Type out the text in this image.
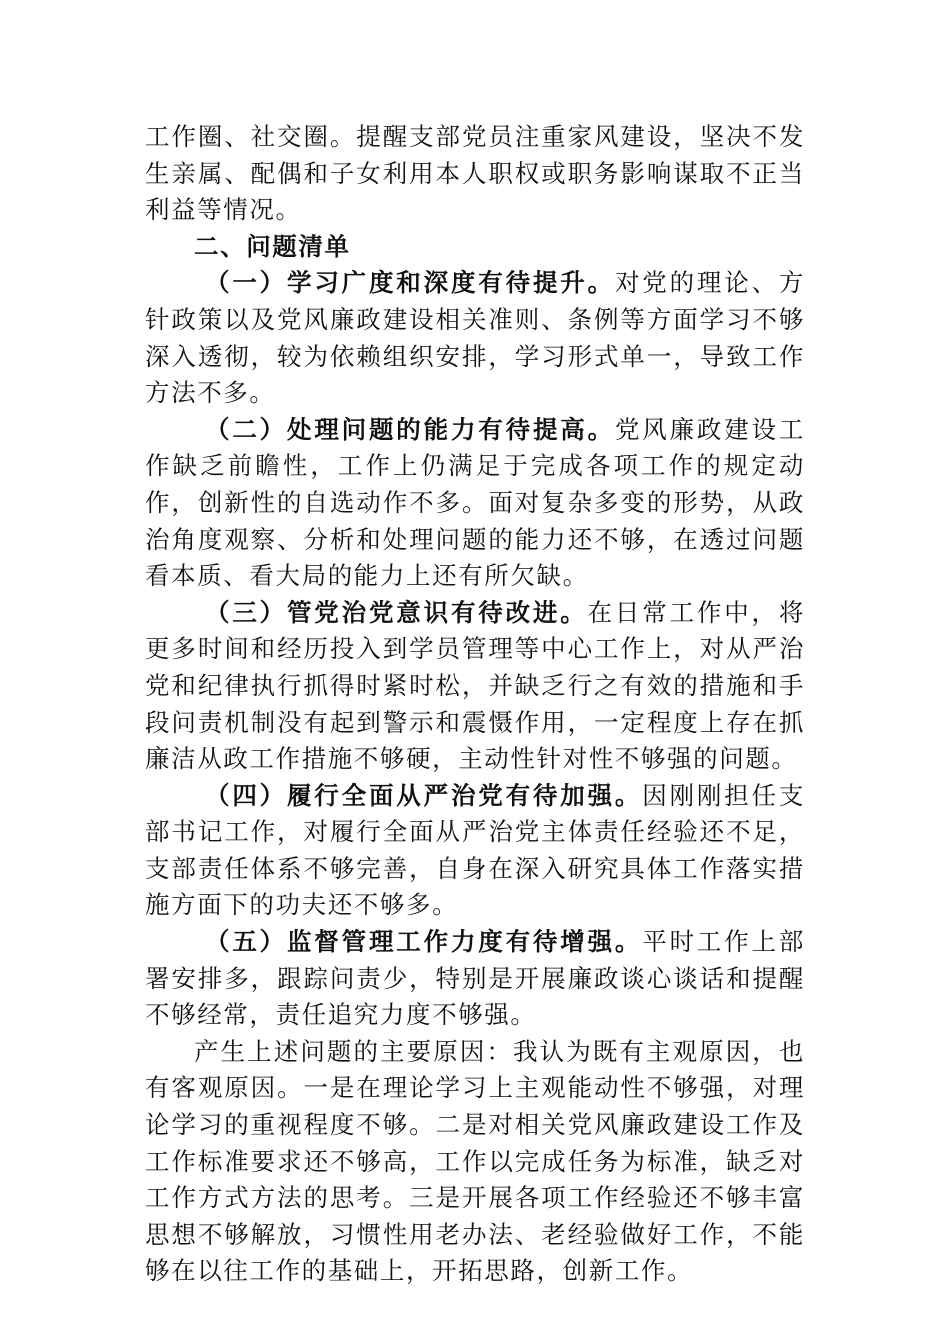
工作圈、社交圈。提醒支部党员注重家风建设，坚决不发生亲属、配偶和子女利用本人职权或职务影响谋取不正当利益等情况。

二、问题清单

（一）学习广度和深度有待提升。对党的理论、方针政策以及党风廉政建设相关准则、条例等方面学习不够深入透彻，较为依赖组织安排，学习形式单一，导致工作方法不多。

（二）处理问题的能力有待提高。党风廉政建设工作缺乏前瞻性，工作上仍满足于完成各项工作的规定动作，创新性的自选动作不多。面对复杂多变的形势，从政治角度观察、分析和处理问题的能力还不够，在透过问题看本质、看大局的能力上还有所欠缺。

（三）管党治党意识有待改进。在日常工作中，将更多时间和经历投入到学员管理等中心工作上，对从严治党和纪律执行抓得时紧时松，并缺乏行之有效的措施和手段问责机制没有起到警示和震慑作用，一定程度上存在抓廉洁从政工作措施不够硬，主动性针对性不够强的问题。

（四）履行全面从严治党有待加强。因刚刚担任支部书记工作，对履行全面从严治党主体责任经验还不足，支部责任体系不够完善，自身在深入研究具体工作落实措施方面下的功夫还不够多。

（五）监督管理工作力度有待增强。平时工作上部署安排多，跟踪问责少，特别是开展廉政谈心谈话和提醒不够经常，责任追究力度不够强。

产生上述问题的主要原因：我认为既有主观原因，也有客观原因。一是在理论学习上主观能动性不够强，对理论学习的重视程度不够。二是对相关党风廉政建设工作及工作标准要求还不够高，工作以完成任务为标准，缺乏对工作方式方法的思考。三是开展各项工作经验还不够丰富思想不够解放，习惯性用老办法、老经验做好工作，不能够在以往工作的基础上，开拓思路，创新工作。
